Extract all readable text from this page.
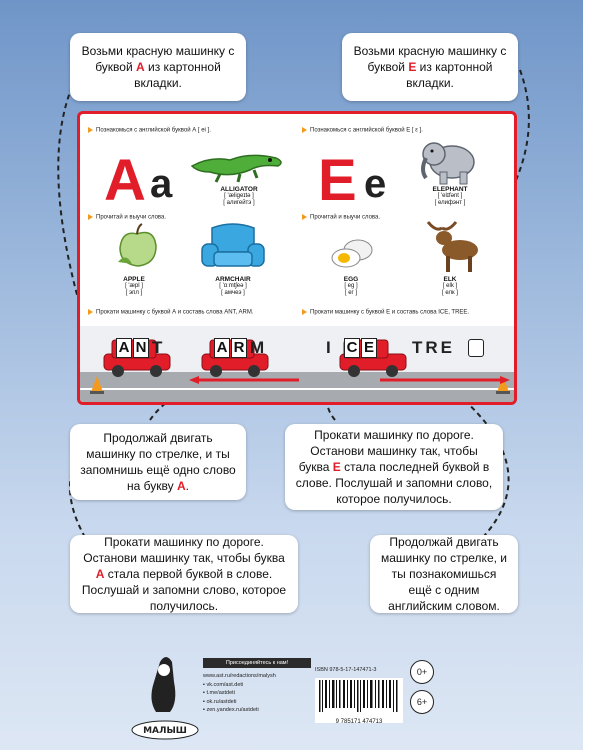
Возьми красную машинку с буквой А из картонной вкладки.

Возьми красную машинку с буквой E из картонной вкладки.

Познакомься с английской буквой А [ ei ].
A a	ALLIGATOR
[ 'æligeɪtə ]
[ алигейтэ ]
Прочитай и выучи слова.
APPLE
[ 'æpl ]
[ эпл ]
ARMCHAIR
[ 'ɑːmtʃeə ]
[ амчеэ ]
Прокати машинку с буквой А и составь слова ANT, ARM.
Познакомься с английской буквой E [ ε ].
E e	ELEPHANT
[ 'elɪfənt ]
[ елифэнт ]
Прочитай и выучи слова.
EGG
[ eg ]
[ ег ]
ELK
[ elk ]
[ елк ]
Прокати машинку с буквой E и составь слова ICE, TREE.
A N T	A R M	I C E TRE

Продолжай двигать машинку по стрелке, и ты запомнишь ещё одно слово на букву А.

Прокати машинку по дороге. Останови машинку так, чтобы буква E стала последней буквой в слове. Послушай и запомни слово, которое получилось.

Прокати машинку по дороге. Останови машинку так, чтобы буква А стала первой буквой в слове. Послушай и запомни слово, которое получилось.

Продолжай двигать машинку по стрелке, и ты познакомишься ещё с одним английским словом.

МАЛЫШ
Присоединяйтесь к нам!
www.ast.ru/redactions/malysh
▪ vk.com/ast.deti
▪ t.me/astdeti
▪ ok.ru/astdeti
▪ zen.yandex.ru/astdeti
ISBN 978-5-17-147471-3
9 785171 474713
0+
6+
